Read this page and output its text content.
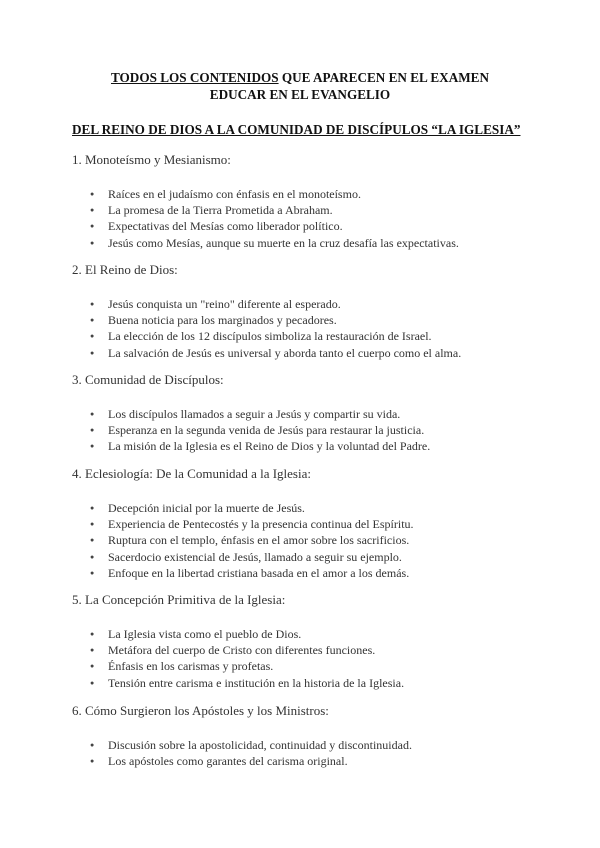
TODOS LOS CONTENIDOS QUE APARECEN EN EL EXAMEN
EDUCAR EN EL EVANGELIO
DEL REINO DE DIOS A LA COMUNIDAD DE DISCÍPULOS “LA IGLESIA”
1. Monoteísmo y Mesianismo:
● Raíces en el judaísmo con énfasis en el monoteísmo.
● La promesa de la Tierra Prometida a Abraham.
● Expectativas del Mesías como liberador político.
● Jesús como Mesías, aunque su muerte en la cruz desafía las expectativas.
2. El Reino de Dios:
● Jesús conquista un "reino" diferente al esperado.
● Buena noticia para los marginados y pecadores.
● La elección de los 12 discípulos simboliza la restauración de Israel.
● La salvación de Jesús es universal y aborda tanto el cuerpo como el alma.
3. Comunidad de Discípulos:
● Los discípulos llamados a seguir a Jesús y compartir su vida.
● Esperanza en la segunda venida de Jesús para restaurar la justicia.
● La misión de la Iglesia es el Reino de Dios y la voluntad del Padre.
4. Eclesiología: De la Comunidad a la Iglesia:
● Decepción inicial por la muerte de Jesús.
● Experiencia de Pentecostés y la presencia continua del Espíritu.
● Ruptura con el templo, énfasis en el amor sobre los sacrificios.
● Sacerdocio existencial de Jesús, llamado a seguir su ejemplo.
● Enfoque en la libertad cristiana basada en el amor a los demás.
5. La Concepción Primitiva de la Iglesia:
● La Iglesia vista como el pueblo de Dios.
● Metáfora del cuerpo de Cristo con diferentes funciones.
● Énfasis en los carismas y profetas.
● Tensión entre carisma e institución en la historia de la Iglesia.
6. Cómo Surgieron los Apóstoles y los Ministros:
● Discusión sobre la apostolicidad, continuidad y discontinuidad.
● Los apóstoles como garantes del carisma original.
